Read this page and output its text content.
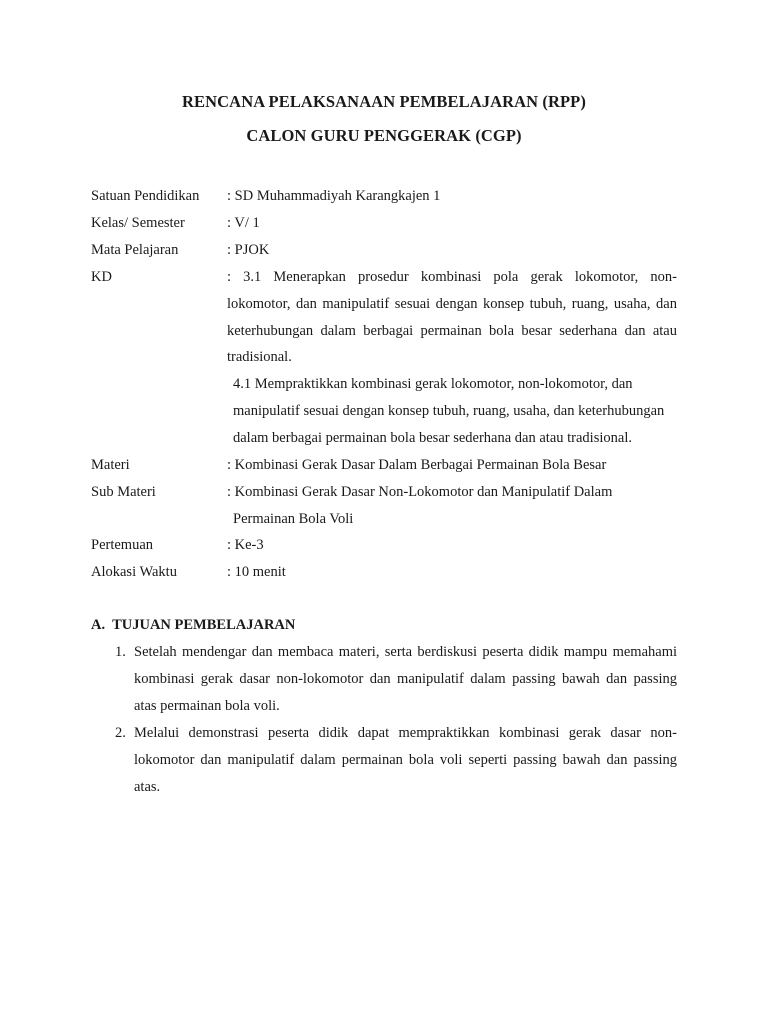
RENCANA PELAKSANAAN PEMBELAJARAN (RPP)
CALON GURU PENGGERAK (CGP)
Satuan Pendidikan : SD Muhammadiyah Karangkajen 1
Kelas/ Semester	: V/ 1
Mata Pelajaran	: PJOK
KD	: 3.1 Menerapkan prosedur kombinasi pola gerak lokomotor, non-
lokomotor, dan manipulatif sesuai dengan konsep tubuh, ruang, usaha, dan
keterhubungan dalam berbagai permainan bola besar sederhana dan atau
tradisional.
4.1 Mempraktikkan kombinasi gerak lokomotor, non-lokomotor, dan
manipulatif sesuai dengan konsep tubuh, ruang, usaha, dan keterhubungan
dalam berbagai permainan bola besar sederhana dan atau tradisional.
Materi	: Kombinasi Gerak Dasar Dalam Berbagai Permainan Bola Besar
Sub Materi	: Kombinasi Gerak Dasar Non-Lokomotor dan Manipulatif Dalam
Permainan Bola Voli
Pertemuan	: Ke-3
Alokasi Waktu	: 10 menit
A.  TUJUAN PEMBELAJARAN
1. Setelah mendengar dan membaca materi, serta berdiskusi peserta didik mampu memahami
kombinasi gerak dasar non-lokomotor dan manipulatif dalam passing bawah dan passing
atas permainan bola voli.
2. Melalui demonstrasi peserta didik dapat mempraktikkan kombinasi gerak dasar non-
lokomotor dan manipulatif dalam permainan bola voli seperti passing bawah dan passing
atas.
